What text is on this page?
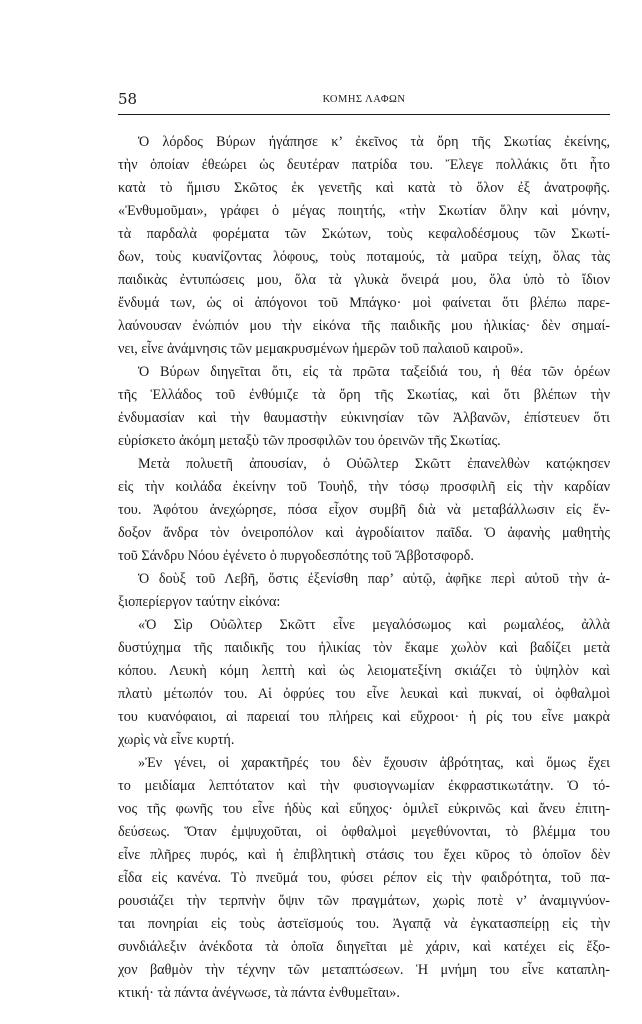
58	ΚΟΜΗΣ ΛΑΦΩΝ

Ὁ λόρδος Βύρων ἠγάπησε κ’ ἐκεῖνος τὰ ὄρη τῆς Σκωτίας ἐκείνης,
τὴν ὁποίαν ἐθεώρει ὡς δευτέραν πατρίδα του. Ἔλεγε πολλάκις ὅτι ἦτο
κατὰ τὸ ἥμισυ Σκῶτος ἐκ γενετῆς καὶ κατὰ τὸ ὅλον ἐξ ἀνατροφῆς.
«Ἐνθυμοῦμαι», γράφει ὁ μέγας ποιητής, «τὴν Σκωτίαν ὅλην καὶ μόνην,
τὰ παρδαλὰ φορέματα τῶν Σκώτων, τοὺς κεφαλοδέσμους τῶν Σκωτί-
δων, τοὺς κυανίζοντας λόφους, τοὺς ποταμούς, τὰ μαῦρα τείχη, ὅλας τὰς
παιδικὰς ἐντυπώσεις μου, ὅλα τὰ γλυκὰ ὄνειρά μου, ὅλα ὑπὸ τὸ ἴδιον
ἔνδυμά των, ὡς οἱ ἀπόγονοι τοῦ Μπάγκο· μοὶ φαίνεται ὅτι βλέπω παρε-
λαύνουσαν ἐνώπιόν μου τὴν εἰκόνα τῆς παιδικῆς μου ἡλικίας· δὲν σημαί-
νει, εἶνε ἀνάμνησις τῶν μεμακρυσμένων ἡμερῶν τοῦ παλαιοῦ καιροῦ».

Ὁ Βύρων διηγεῖται ὅτι, εἰς τὰ πρῶτα ταξείδιά του, ἡ θέα τῶν ὀρέων
τῆς Ἑλλάδος τοῦ ἐνθύμιζε τὰ ὄρη τῆς Σκωτίας, καὶ ὅτι βλέπων τὴν
ἐνδυμασίαν καὶ τὴν θαυμαστὴν εὐκινησίαν τῶν Ἀλβανῶν, ἐπίστευεν ὅτι
εὑρίσκετο ἀκόμη μεταξὺ τῶν προσφιλῶν του ὀρεινῶν τῆς Σκωτίας.

Μετὰ πολυετῆ ἀπουσίαν, ὁ Οὐῶλτερ Σκῶττ ἐπανελθὼν κατῴκησεν
εἰς τὴν κοιλάδα ἐκείνην τοῦ Τουὴδ, τὴν τόσῳ προσφιλῆ εἰς τὴν καρδίαν
του. Ἀφότου ἀνεχώρησε, πόσα εἶχον συμβῆ διὰ νὰ μεταβάλλωσιν εἰς ἔν-
δοξον ἄνδρα τὸν ὀνειροπόλον καὶ ἀγροδίαιτον παῖδα. Ὁ ἀφανὴς μαθητὴς
τοῦ Σάνδρυ Νόου ἐγένετο ὁ πυργοδεσπότης τοῦ Ἄββοτσφορδ.

Ὁ δοὺξ τοῦ Λεβῆ, ὅστις ἐξενίσθη παρ’ αὐτῷ, ἀφῆκε περὶ αὐτοῦ τὴν ἀ-
ξιοπερίεργον ταύτην εἰκόνα:

«Ὁ Σὶρ Οὐῶλτερ Σκῶττ εἶνε μεγαλόσωμος καὶ ρωμαλέος, ἀλλὰ
δυστύχημα τῆς παιδικῆς του ἡλικίας τὸν ἔκαμε χωλὸν καὶ βαδίζει μετὰ
κόπου. Λευκὴ κόμη λεπτὴ καὶ ὡς λειοματεξίνη σκιάζει τὸ ὑψηλὸν καὶ
πλατὺ μέτωπόν του. Αἱ ὀφρύες του εἶνε λευκαὶ καὶ πυκναί, οἱ ὀφθαλμοὶ
του κυανόφαιοι, αἱ παρειαί του πλήρεις καὶ εὔχροοι· ἡ ρίς του εἶνε μακρὰ
χωρὶς νὰ εἶνε κυρτή.

»Ἐν γένει, οἱ χαρακτῆρές του δὲν ἔχουσιν ἁβρότητας, καὶ ὅμως ἔχει
το μειδίαμα λεπτότατον καὶ τὴν φυσιογνωμίαν ἐκφραστικωτάτην. Ὁ τό-
νος τῆς φωνῆς του εἶνε ἡδὺς καὶ εὔηχος· ὁμιλεῖ εὐκρινῶς καὶ ἄνευ ἐπιτη-
δεύσεως. Ὅταν ἐμψυχοῦται, οἱ ὀφθαλμοὶ μεγεθύνονται, τὸ βλέμμα του
εἶνε πλῆρες πυρός, καὶ ἡ ἐπιβλητικὴ στάσις του ἔχει κῦρος τὸ ὁποῖον δὲν
εἶδα εἰς κανένα. Τὸ πνεῦμά του, φύσει ρέπον εἰς τὴν φαιδρότητα, τοῦ πα-
ρουσιάζει τὴν τερπνὴν ὄψιν τῶν πραγμάτων, χωρὶς ποτὲ ν’ ἀναμιγνύον-
ται πονηρίαι εἰς τοὺς ἀστεϊσμούς του. Ἀγαπᾷ νὰ ἐγκατασπείρῃ εἰς τὴν
συνδιάλεξιν ἀνέκδοτα τὰ ὁποῖα διηγεῖται μὲ χάριν, καὶ κατέχει εἰς ἔξο-
χον βαθμὸν τὴν τέχνην τῶν μεταπτώσεων. Ἡ μνήμη του εἶνε καταπλη-
κτική· τὰ πάντα ἀνέγνωσε, τὰ πάντα ἐνθυμεῖται».
